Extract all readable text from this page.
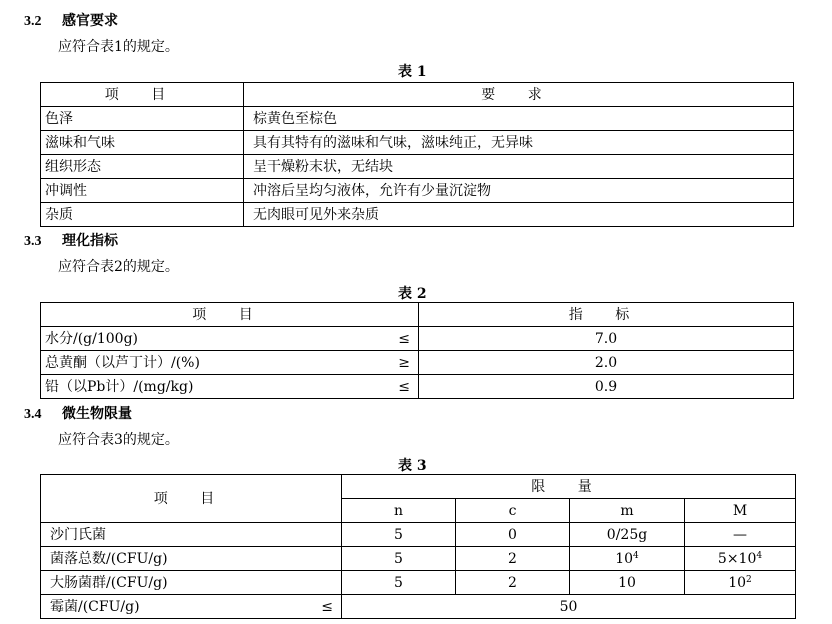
3.2 感官要求
应符合表1的规定。
表 1
项 目	要 求
色泽	棕黄色至棕色
滋味和气味	具有其特有的滋味和气味，滋味纯正，无异味
组织形态	呈干燥粉末状，无结块
冲调性	冲溶后呈均匀液体，允许有少量沉淀物
杂质	无肉眼可见外来杂质
3.3 理化指标
应符合表2的规定。
表 2
项 目	指 标
水分/(g/100g) ≤	7.0
总黄酮（以芦丁计）/(%) ≥	2.0
铅（以Pb计）/(mg/kg) ≤	0.9
3.4 微生物限量
应符合表3的规定。
表 3
项 目	限 量			
	n	c	m	M
沙门氏菌	5	0	0/25g	—
菌落总数/(CFU/g)	5	2	$10^4$	$5\times 10^4$
大肠菌群/(CFU/g)	5	2	10	$10^2$
霉菌/(CFU/g) ≤	50			
